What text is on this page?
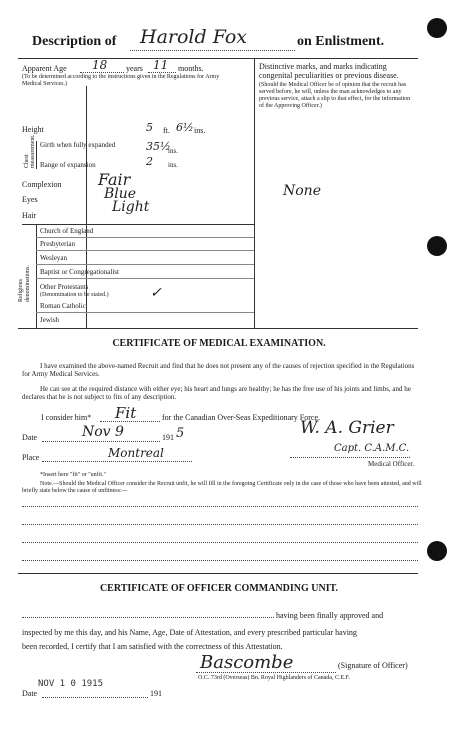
Description of Harold Fox	on Enlistment.
Apparent Age 18 years 11 months.
(To be determined according to the instructions given in the Regulations for Army Medical Services.)
Height	5 ft. 6½ ins.
Chest measurement. Girth when fully expanded	35½
ins.
Range of expansion	2 ins.
Complexion Fair
Eyes	Blue
Hair
Light
Religious denominations.
Church of England
Presbyterian
Wesleyan
Baptist or Congregationalist
Other Protestants
(Denomination to be stated.)	✓
Roman Catholic
Jewish
Distinctive marks, and marks indicating congenital peculiarities or previous disease.
(Should the Medical Officer be of opinion that the recruit has served before, he will, unless the man acknowledges to any previous service, attach a slip to that effect, for the information of the Approving Officer.)
None
CERTIFICATE OF MEDICAL EXAMINATION.
I have examined the above-named Recruit and find that he does not present any of the causes of rejection specified in the Regulations for Army Medical Services.
He can see at the required distance with either eye; his heart and lungs are healthy; he has the free use of his joints and limbs, and he declares that he is not subject to fits of any description.
I consider him* Fit	for the Canadian Over-Seas Expeditionary Force.
Date	Nov 9	191 5
Place	Montreal
W. A. Grier
Capt. C.A.M.C.
Medical Officer.
*Insert here "fit" or "unfit."
Note.—Should the Medical Officer consider the Recruit unfit, he will fill in the foregoing Certificate only in the case of those who have been attested, and will briefly state below the cause of unfitness:—
CERTIFICATE OF OFFICER COMMANDING UNIT.
having been finally approved and
inspected by me this day, and his Name, Age, Date of Attestation, and every prescribed particular having
been recorded, I certify that I am satisfied with the correctness of this Attestation.
Bascombe	(Signature of Officer)
O.C. 73rd (Overseas) Bn. Royal Highlanders of Canada, C.E.F.
Date
NOV 1 0 1915
191
